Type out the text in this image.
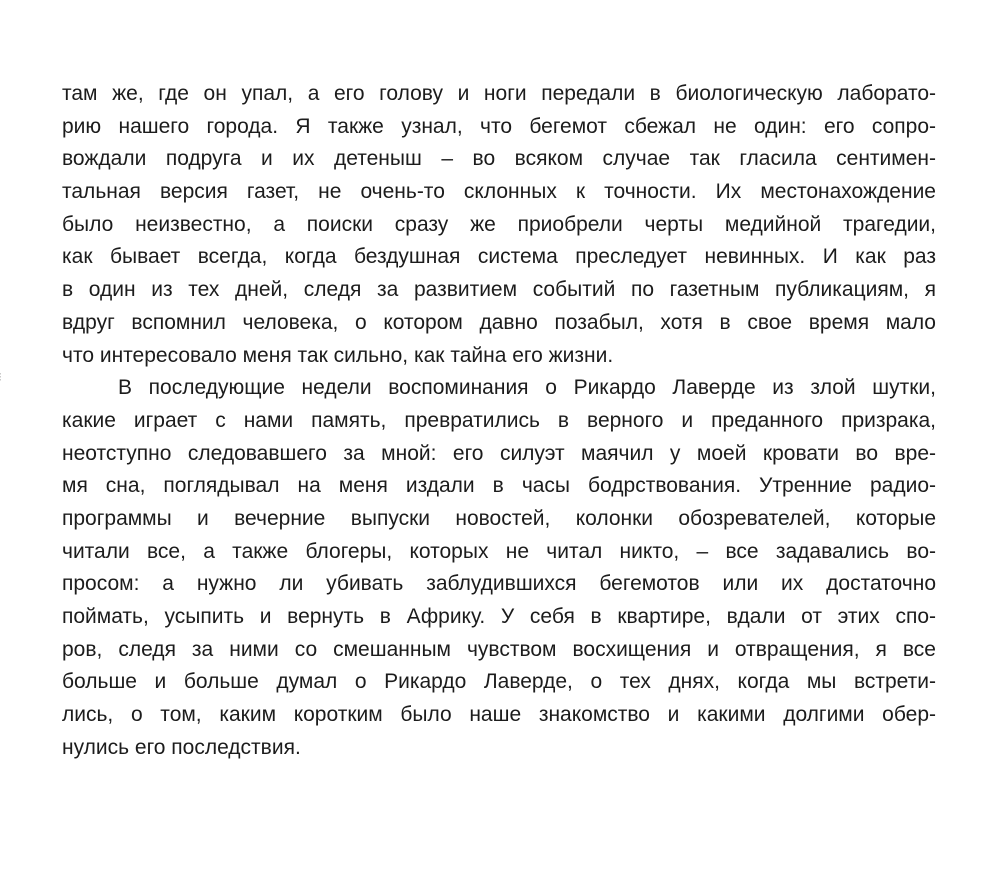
там же, где он упал, а его голову и ноги передали в биологическую лаборато-
рию нашего города. Я также узнал, что бегемот сбежал не один: его сопро-
вождали подруга и их детеныш – во всяком случае так гласила сентимен-
тальная версия газет, не очень-то склонных к точности. Их местонахождение
было неизвестно, а поиски сразу же приобрели черты медийной трагедии,
как бывает всегда, когда бездушная система преследует невинных. И как раз
в один из тех дней, следя за развитием событий по газетным публикациям, я
вдруг вспомнил человека, о котором давно позабыл, хотя в свое время мало
что интересовало меня так сильно, как тайна его жизни.
В последующие недели воспоминания о Рикардо Лаверде из злой шутки,
какие играет с нами память, превратились в верного и преданного призрака,
неотступно следовавшего за мной: его силуэт маячил у моей кровати во вре-
мя сна, поглядывал на меня издали в часы бодрствования. Утренние радио-
программы и вечерние выпуски новостей, колонки обозревателей, которые
читали все, а также блогеры, которых не читал никто, – все задавались во-
просом: а нужно ли убивать заблудившихся бегемотов или их достаточно
поймать, усыпить и вернуть в Африку. У себя в квартире, вдали от этих спо-
ров, следя за ними со смешанным чувством восхищения и отвращения, я все
больше и больше думал о Рикардо Лаверде, о тех днях, когда мы встрети-
лись, о том, каким коротким было наше знакомство и какими долгими обер-
нулись его последствия.
